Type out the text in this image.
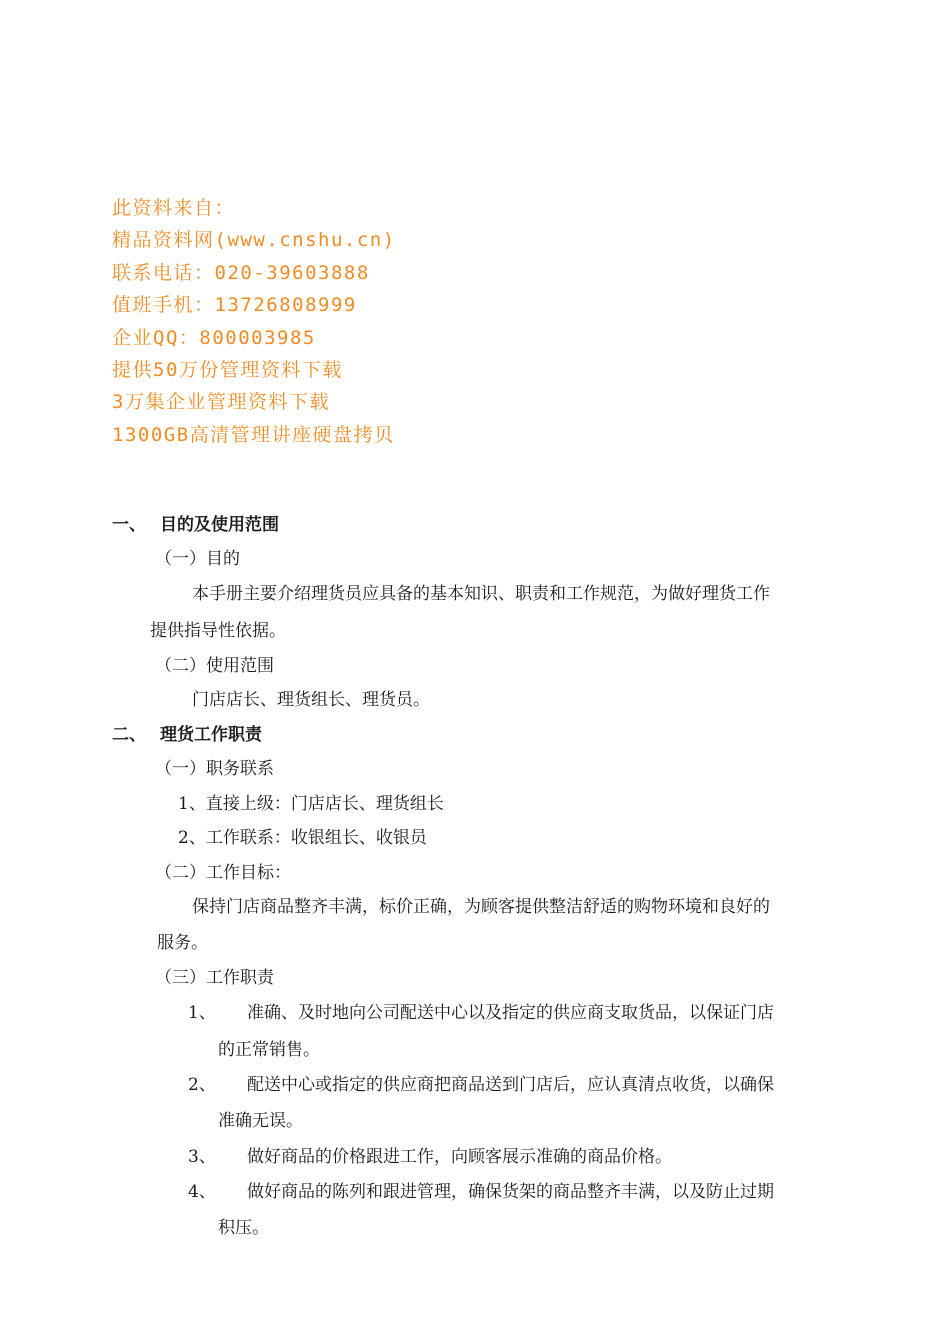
此资料来自：
精品资料网(www.cnshu.cn)
联系电话：020-39603888
值班手机：13726808999
企业QQ：800003985
提供50万份管理资料下载
3万集企业管理资料下载
1300GB高清管理讲座硬盘拷贝
一、 目的及使用范围
（一）目的
本手册主要介绍理货员应具备的基本知识、职责和工作规范，为做好理货工作
提供指导性依据。
（二）使用范围
门店店长、理货组长、理货员。
二、 理货工作职责
（一）职务联系
1、直接上级：门店店长、理货组长
2、工作联系：收银组长、收银员
（二）工作目标：
保持门店商品整齐丰满，标价正确，为顾客提供整洁舒适的购物环境和良好的
服务。
（三）工作职责
1、 准确、及时地向公司配送中心以及指定的供应商支取货品，以保证门店
的正常销售。
2、 配送中心或指定的供应商把商品送到门店后，应认真清点收货，以确保
准确无误。
3、 做好商品的价格跟进工作，向顾客展示准确的商品价格。
4、 做好商品的陈列和跟进管理，确保货架的商品整齐丰满，以及防止过期
积压。
